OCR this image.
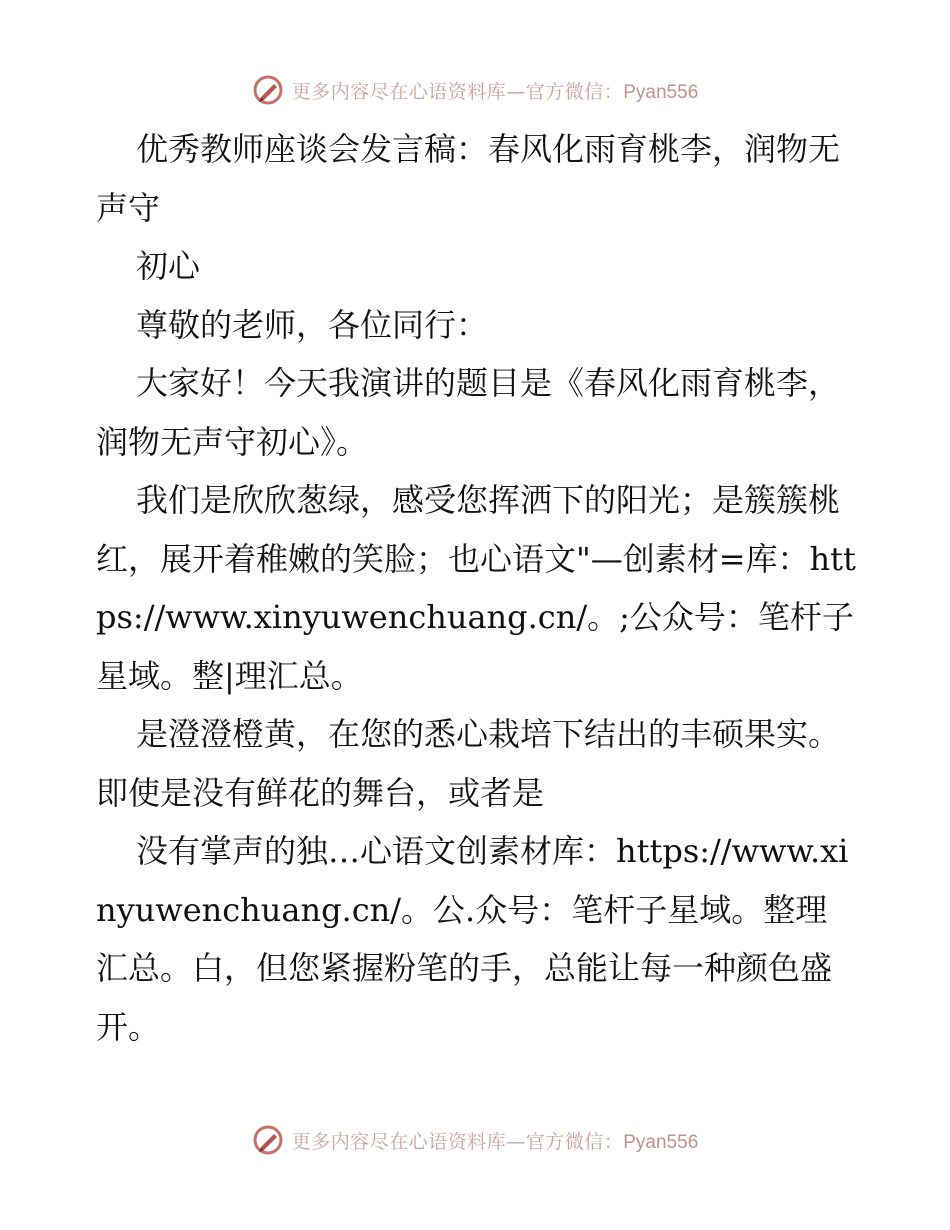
更多内容尽在心语资料库—官方微信：Pyan556

优秀教师座谈会发言稿：春风化雨育桃李，润物无声守

初心

尊敬的老师，各位同行：

大家好！今天我演讲的题目是《春风化雨育桃李，润物无声守初心》。

我们是欣欣葱绿，感受您挥洒下的阳光；是簇簇桃红，展开着稚嫩的笑脸；也心语文"—创素材=库：https://www.xinyuwenchuang.cn/。;公众号：笔杆子星域。整|理汇总。

是澄澄橙黄，在您的悉心栽培下结出的丰硕果实。即使是没有鲜花的舞台，或者是

没有掌声的独…心语文创素材库：https://www.xinyuwenchuang.cn/。公.众号：笔杆子星域。整理汇总。白，但您紧握粉笔的手，总能让每一种颜色盛开。

更多内容尽在心语资料库—官方微信：Pyan556
